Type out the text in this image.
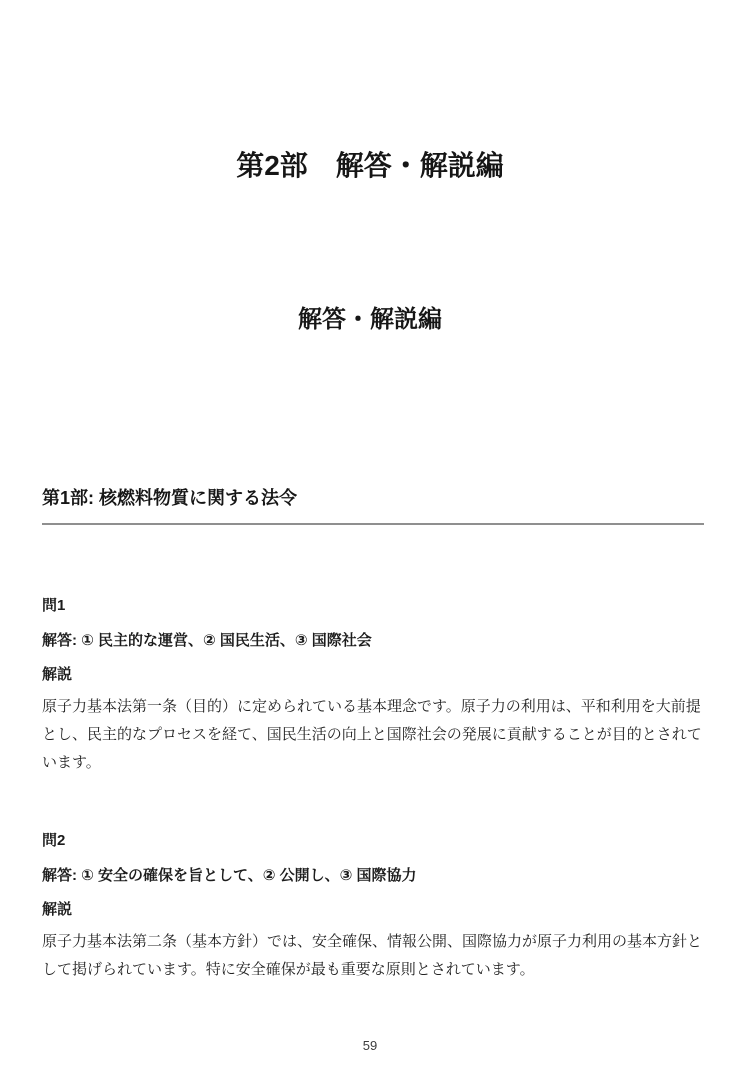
第2部　解答・解説編
解答・解説編
第1部: 核燃料物質に関する法令
問1
解答: ① 民主的な運営、② 国民生活、③ 国際社会
解説
原子力基本法第一条（目的）に定められている基本理念です。原子力の利用は、平和利用を大前提とし、民主的なプロセスを経て、国民生活の向上と国際社会の発展に貢献することが目的とされています。
問2
解答: ① 安全の確保を旨として、② 公開し、③ 国際協力
解説
原子力基本法第二条（基本方針）では、安全確保、情報公開、国際協力が原子力利用の基本方針として掲げられています。特に安全確保が最も重要な原則とされています。
59
